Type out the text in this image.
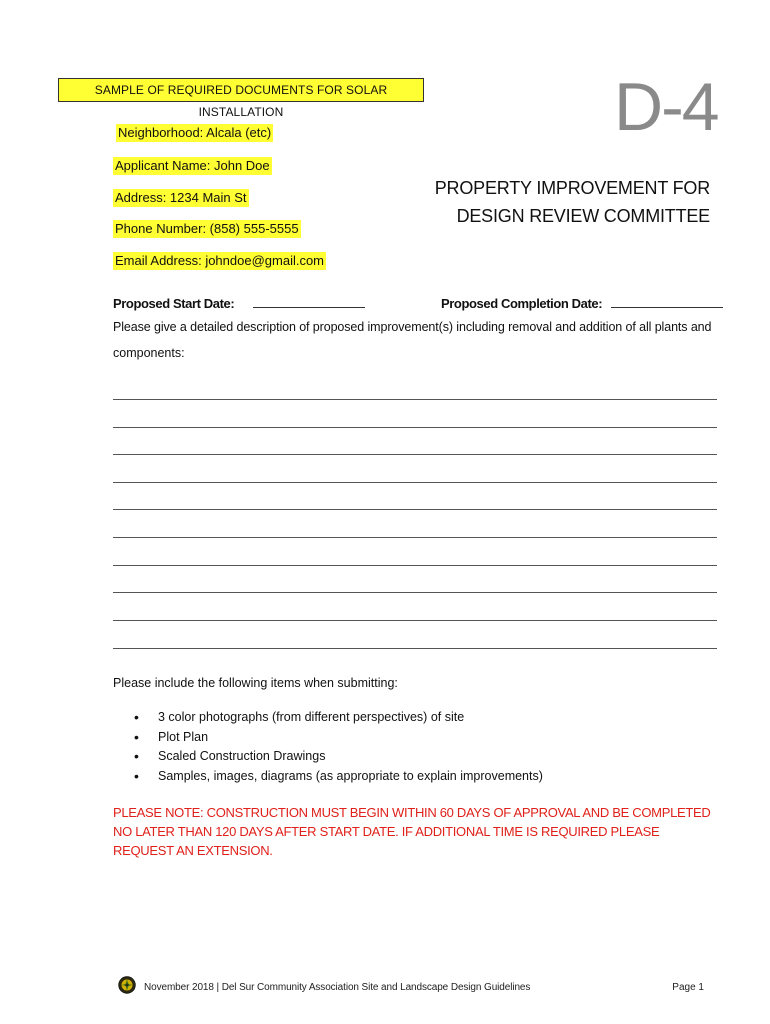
SAMPLE OF REQUIRED DOCUMENTS FOR SOLAR INSTALLATION	D-4
PROPERTY IMPROVEMENT FOR
DESIGN REVIEW COMMITTEE
Neighborhood: Alcala (etc)
Applicant Name: John Doe
Address: 1234 Main St
Phone Number: (858) 555-5555
Email Address: johndoe@gmail.com
Proposed Start Date:	Proposed Completion Date:
Please give a detailed description of proposed improvement(s) including removal and addition of all plants and
components:
Please include the following items when submitting:
• 3 color photographs (from different perspectives) of site
• Plot Plan
• Scaled Construction Drawings
• Samples, images, diagrams (as appropriate to explain improvements)
PLEASE NOTE: CONSTRUCTION MUST BEGIN WITHIN 60 DAYS OF APPROVAL AND BE COMPLETED NO LATER THAN 120 DAYS AFTER START DATE. IF ADDITIONAL TIME IS REQUIRED PLEASE REQUEST AN EXTENSION.
November 2018 | Del Sur Community Association Site and Landscape Design Guidelines	Page 1
